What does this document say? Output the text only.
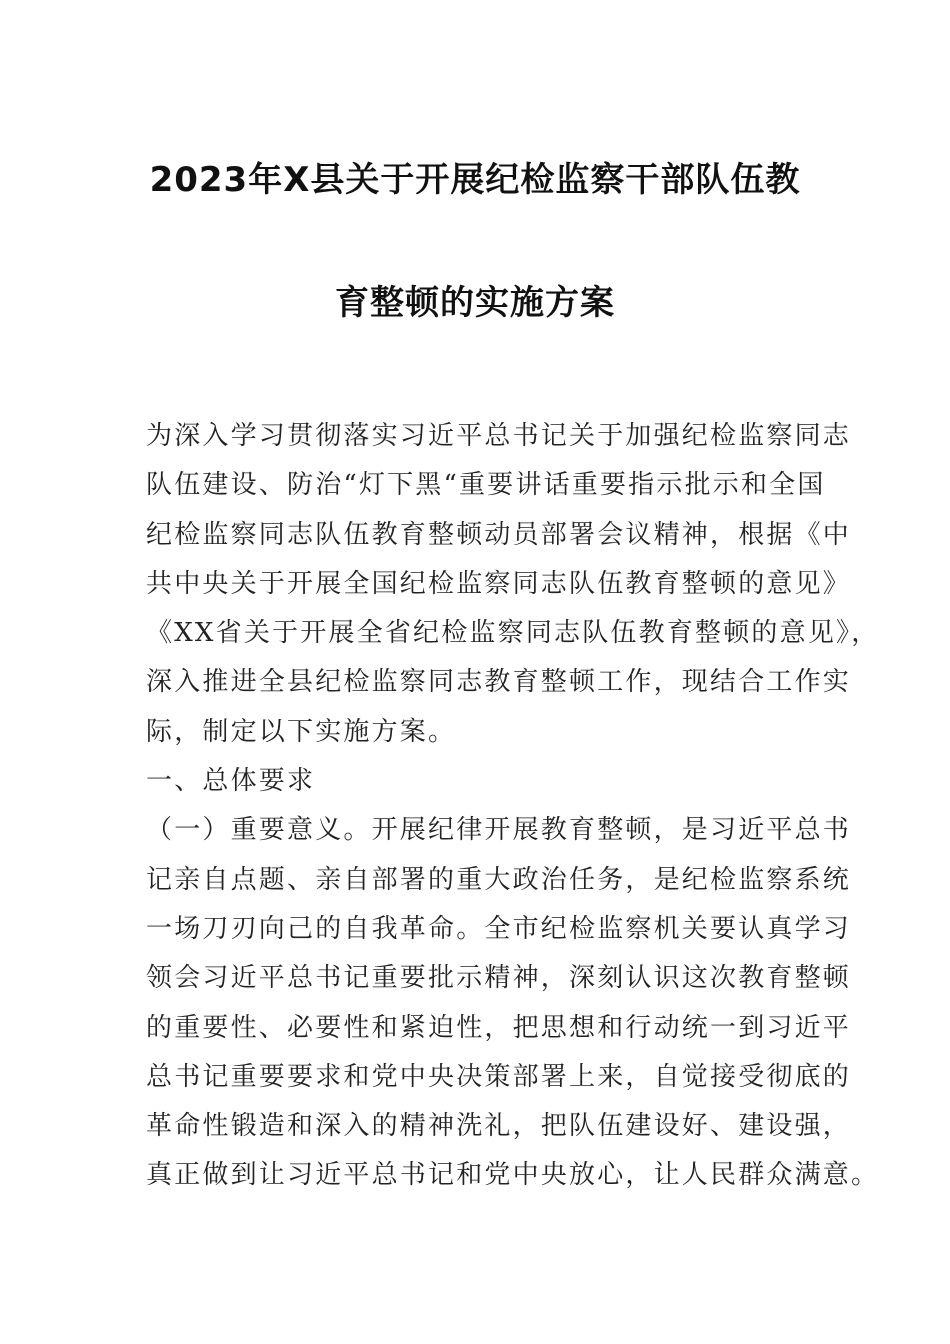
2023年X县关于开展纪检监察干部队伍教
育整顿的实施方案
为深入学习贯彻落实习近平总书记关于加强纪检监察同志
队伍建设、防治“灯下黑“重要讲话重要指示批示和全国
纪检监察同志队伍教育整顿动员部署会议精神，根据《中
共中央关于开展全国纪检监察同志队伍教育整顿的意见》
《XX省关于开展全省纪检监察同志队伍教育整顿的意见》，
深入推进全县纪检监察同志教育整顿工作，现结合工作实
际，制定以下实施方案。
一、总体要求
（一）重要意义。开展纪律开展教育整顿，是习近平总书
记亲自点题、亲自部署的重大政治任务，是纪检监察系统
一场刀刃向己的自我革命。全市纪检监察机关要认真学习
领会习近平总书记重要批示精神，深刻认识这次教育整顿
的重要性、必要性和紧迫性，把思想和行动统一到习近平
总书记重要要求和党中央决策部署上来，自觉接受彻底的
革命性锻造和深入的精神洗礼，把队伍建设好、建设强，
真正做到让习近平总书记和党中央放心，让人民群众满意。
